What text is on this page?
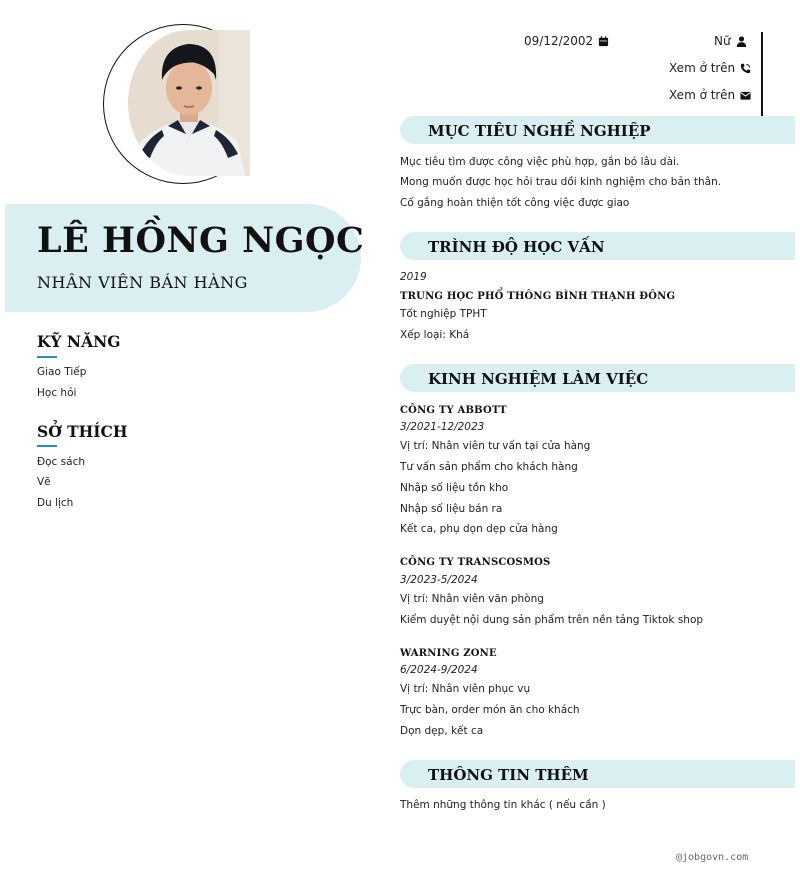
LÊ HỒNG NGỌC
NHÂN VIÊN BÁN HÀNG
KỸ NĂNG
Giao Tiếp
Học hỏi
SỞ THÍCH
Đọc sách
Vẽ
Du lịch
09/12/2002	Nữ
Xem ở trên
Xem ở trên
MỤC TIÊU NGHỀ NGHIỆP
Mục tiêu tìm được công việc phù hợp, gắn bó lâu dài.
Mong muốn được học hỏi trau dồi kinh nghiệm cho bản thân.
Cố gắng hoàn thiện tốt công việc được giao
TRÌNH ĐỘ HỌC VẤN
2019
TRUNG HỌC PHỔ THÔNG BÌNH THẠNH ĐÔNG
Tốt nghiệp TPHT
Xếp loại: Khá
KINH NGHIỆM LÀM VIỆC
CÔNG TY ABBOTT
3/2021-12/2023
Vị trí: Nhân viên tư vấn tại cửa hàng
Tư vấn sản phẩm cho khách hàng
Nhập số liệu tồn kho
Nhập số liệu bán ra
Kết ca, phụ dọn dẹp cửa hàng
CÔNG TY TRANSCOSMOS
3/2023-5/2024
Vị trí: Nhân viên văn phòng
Kiểm duyệt nội dung sản phẩm trên nền tảng Tiktok shop
WARNING ZONE
6/2024-9/2024
Vị trí: Nhân viên phục vụ
Trực bàn, order món ăn cho khách
Dọn dẹp, kết ca
THÔNG TIN THÊM
Thêm những thông tin khác ( nếu cần )
@jobgovn.com
